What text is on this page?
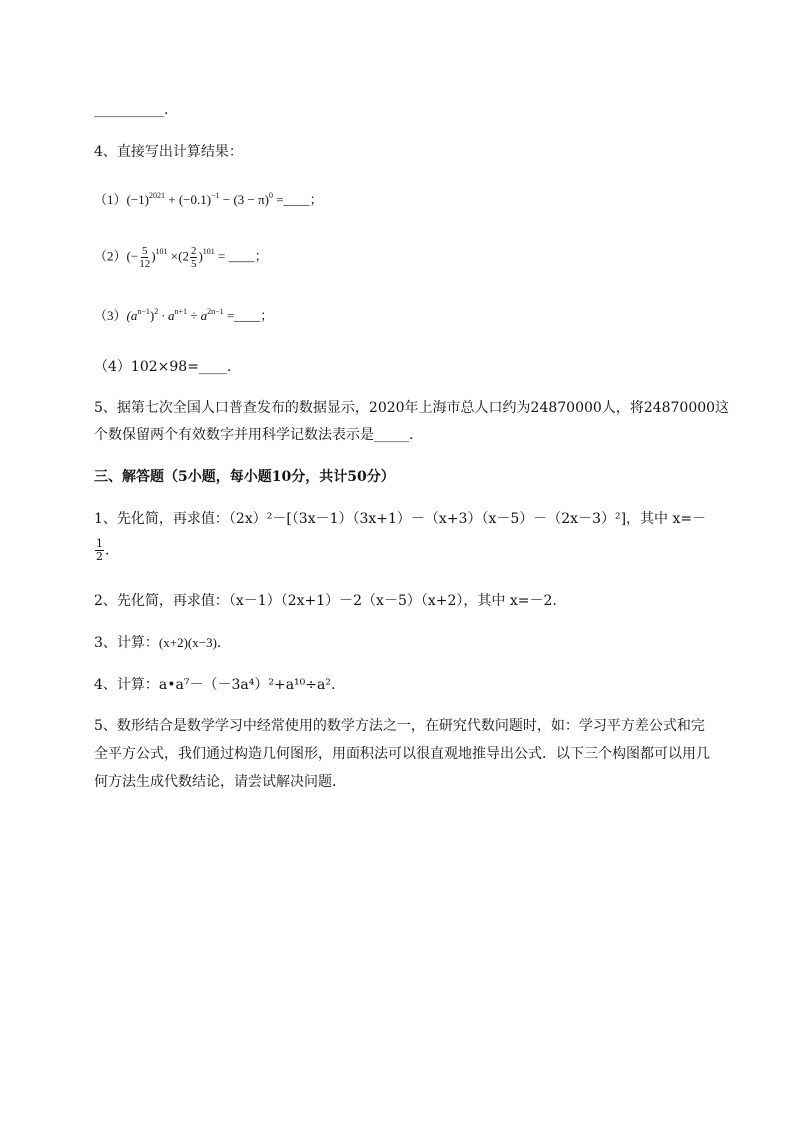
__________.
4、直接写出计算结果：
$(1)(-1)^{2021} + (-0.1)^{-1} - (3 - \pi)^0$ =____；
$(2)(- \frac{5}{12} )^{101} \times(2 \frac{2}{5} )^{101}$ = ____；
$(3)(a^{n-1})^2 \cdot a^{n+1} \div a^{2n-1}$ =____；
（4）102×98=____.
5、据第七次全国人口普查发布的数据显示，2020年上海市总人口约为24870000人，将24870000这
个数保留两个有效数字并用科学记数法表示是_____.
三、解答题（5小题，每小题10分，共计50分）
1、先化简，再求值：（2x）²－[（3x－1）（3x+1）－（x+3）（x－5）－（2x－3）²]，其中 x=－
$\frac{1}{2}$ .
2、先化简，再求值：（x－1）（2x+1）－2（x－5）（x+2），其中 x=－2.
3、计算：(x+2)(x−3).
4、计算：a•a⁷－（－3a⁴）²+a¹⁰÷a².
5、数形结合是数学学习中经常使用的数学方法之一，在研究代数问题时，如：学习平方差公式和完
全平方公式，我们通过构造几何图形，用面积法可以很直观地推导出公式．以下三个构图都可以用几
何方法生成代数结论，请尝试解决问题．
